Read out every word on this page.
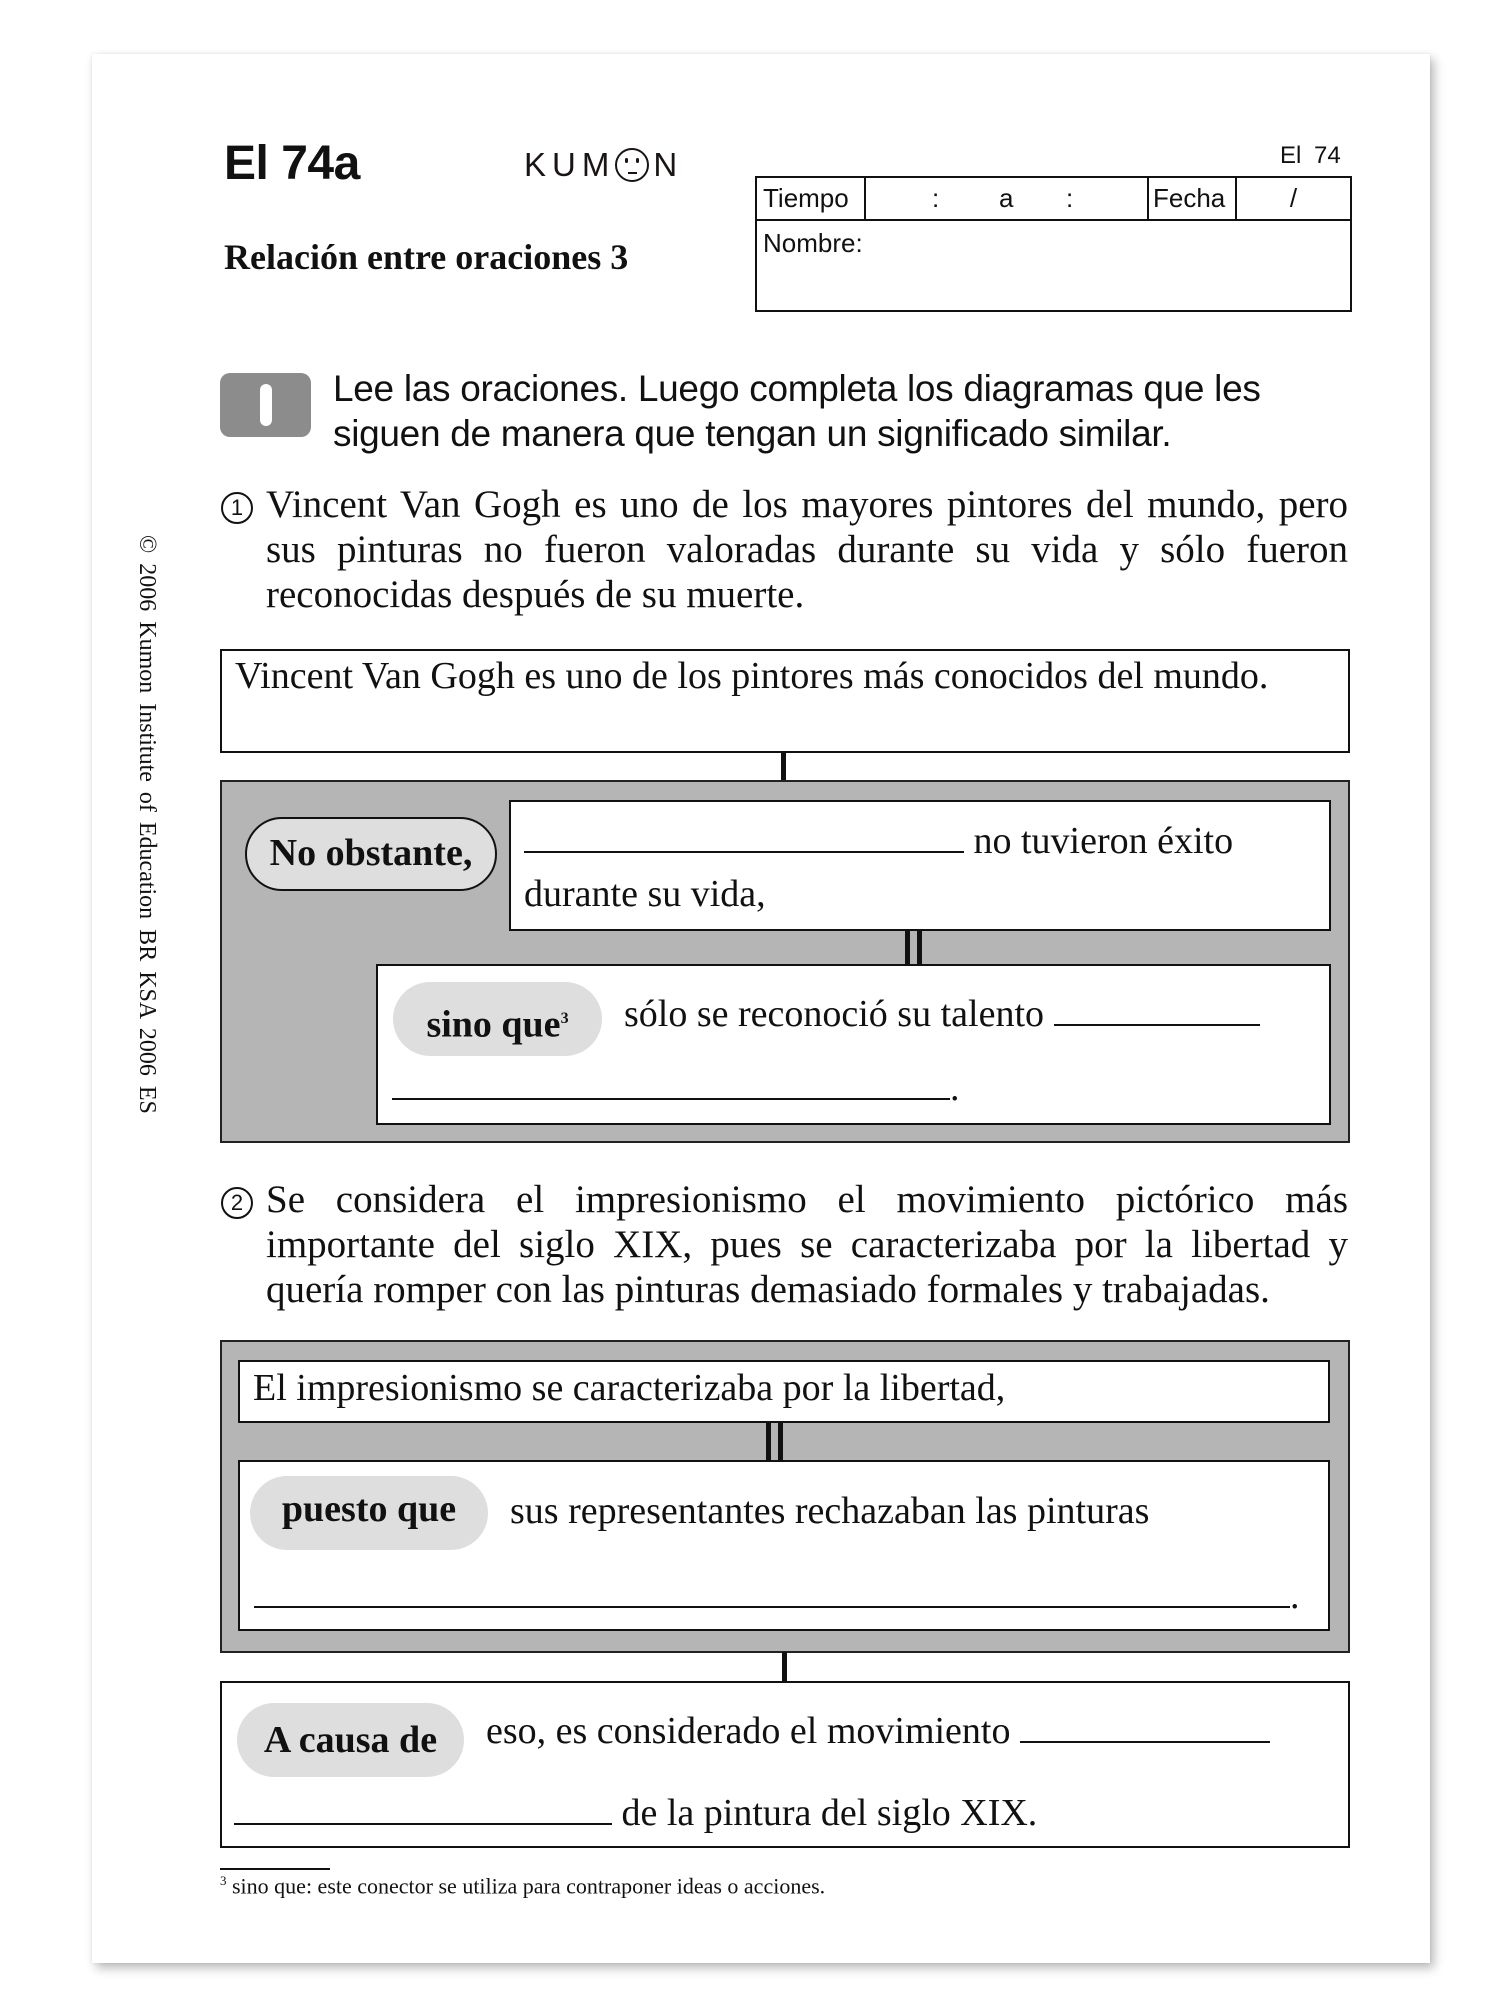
El 74a	KUM N	El 74
Tiempo	: a :	Fecha	/
Nombre:
Relación entre oraciones 3
Lee las oraciones. Luego completa los diagramas que les
siguen de manera que tengan un significado similar.
1 Vincent Van Gogh es uno de los mayores pintores del mundo, pero sus pinturas no fueron valoradas durante su vida y sólo fueron reconocidas después de su muerte.
Vincent Van Gogh es uno de los pintores más conocidos del mundo.
No obstante,	no tuvieron éxito
durante su vida,
sino que$^3$	sólo se reconoció su talento
.
2 Se considera el impresionismo el movimiento pictórico más importante del siglo XIX, pues se caracterizaba por la libertad y quería romper con las pinturas demasiado formales y trabajadas.
El impresionismo se caracterizaba por la libertad,
puesto que	sus representantes rechazaban las pinturas
.
A causa de	eso, es considerado el movimiento
de la pintura del siglo XIX.
$^3$ sino que: este conector se utiliza para contraponer ideas o acciones.
© 2006 Kumon Institute of Education BR KSA 2006 ES
